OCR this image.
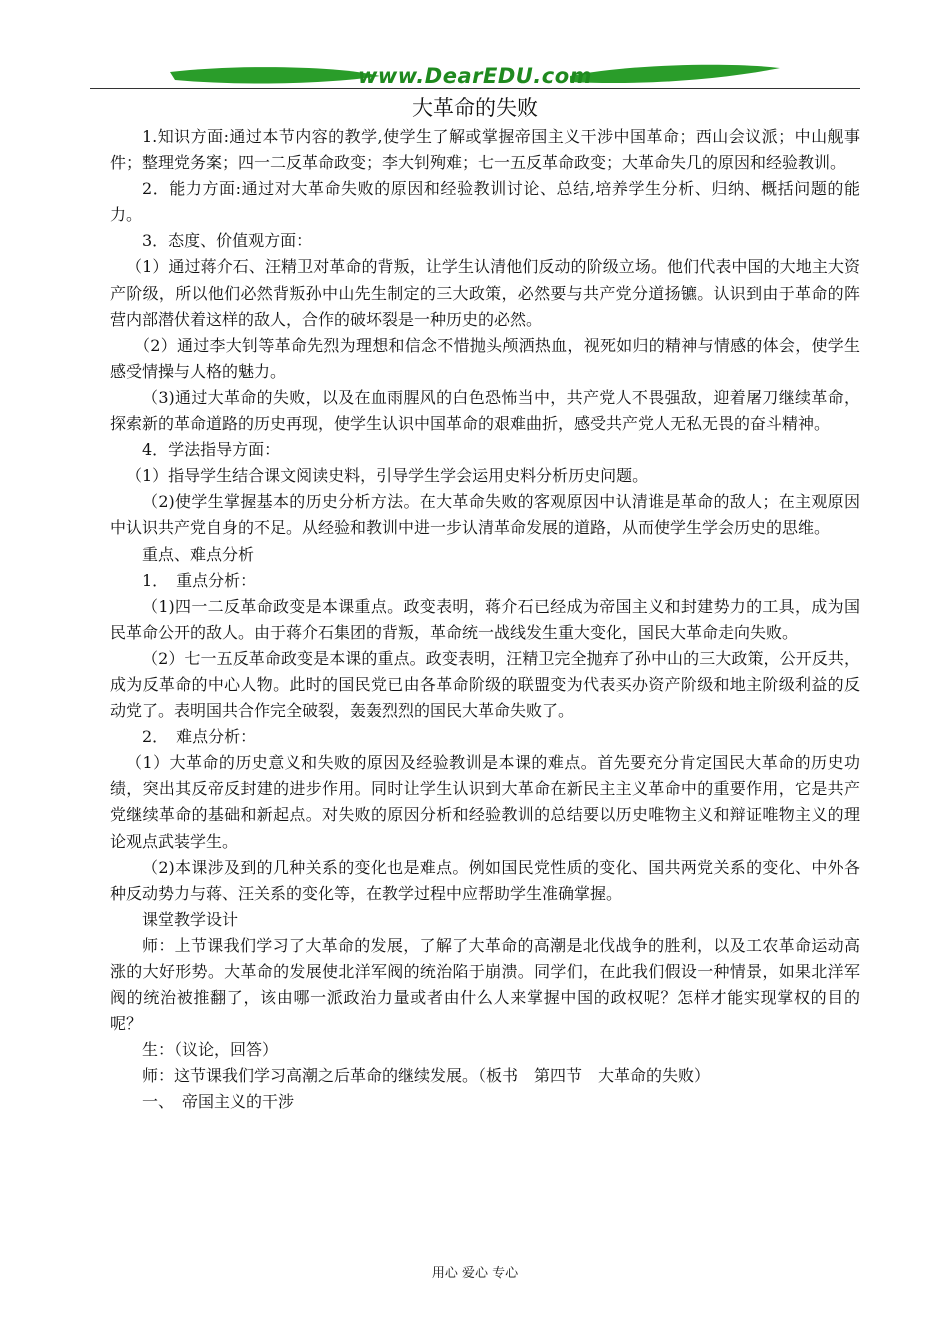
www.DearEDU.com
大革命的失败

1.知识方面:通过本节内容的教学,使学生了解或掌握帝国主义干涉中国革命；西山会议派；中山舰事件；整理党务案；四一二反革命政变；李大钊殉难；七一五反革命政变；大革命失几的原因和经验教训。

2．能力方面:通过对大革命失败的原因和经验教训讨论、总结,培养学生分析、归纳、概括问题的能力。

3．态度、价值观方面：

（1）通过蒋介石、汪精卫对革命的背叛，让学生认清他们反动的阶级立场。他们代表中国的大地主大资产阶级，所以他们必然背叛孙中山先生制定的三大政策，必然要与共产党分道扬镳。认识到由于革命的阵营内部潜伏着这样的敌人，合作的破坏裂是一种历史的必然。

（2）通过李大钊等革命先烈为理想和信念不惜抛头颅洒热血，视死如归的精神与情感的体会，使学生感受情操与人格的魅力。

（3)通过大革命的失败，以及在血雨腥风的白色恐怖当中，共产党人不畏强敌，迎着屠刀继续革命，探索新的革命道路的历史再现，使学生认识中国革命的艰难曲折，感受共产党人无私无畏的奋斗精神。

4．学法指导方面：

（1）指导学生结合课文阅读史料，引导学生学会运用史料分析历史问题。

（2)使学生掌握基本的历史分析方法。在大革命失败的客观原因中认清谁是革命的敌人；在主观原因中认识共产党自身的不足。从经验和教训中进一步认清革命发展的道路，从而使学生学会历史的思维。

重点、难点分析

1．　重点分析：

（1)四一二反革命政变是本课重点。政变表明，蒋介石已经成为帝国主义和封建势力的工具，成为国民革命公开的敌人。由于蒋介石集团的背叛，革命统一战线发生重大变化，国民大革命走向失败。

（2）七一五反革命政变是本课的重点。政变表明，汪精卫完全抛弃了孙中山的三大政策，公开反共，成为反革命的中心人物。此时的国民党已由各革命阶级的联盟变为代表买办资产阶级和地主阶级利益的反动党了。表明国共合作完全破裂，轰轰烈烈的国民大革命失败了。

2．　难点分析：

（1）大革命的历史意义和失败的原因及经验教训是本课的难点。首先要充分肯定国民大革命的历史功绩，突出其反帝反封建的进步作用。同时让学生认识到大革命在新民主主义革命中的重要作用，它是共产党继续革命的基础和新起点。对失败的原因分析和经验教训的总结要以历史唯物主义和辩证唯物主义的理论观点武装学生。

（2)本课涉及到的几种关系的变化也是难点。例如国民党性质的变化、国共两党关系的变化、中外各种反动势力与蒋、汪关系的变化等，在教学过程中应帮助学生准确掌握。

课堂教学设计

师：上节课我们学习了大革命的发展，了解了大革命的高潮是北伐战争的胜利，以及工农革命运动高涨的大好形势。大革命的发展使北洋军阀的统治陷于崩溃。同学们，在此我们假设一种情景，如果北洋军阀的统治被推翻了，该由哪一派政治力量或者由什么人来掌握中国的政权呢？怎样才能实现掌权的目的呢？

生：（议论，回答）

师：这节课我们学习高潮之后革命的继续发展。（板书　第四节　大革命的失败）

一、　帝国主义的干涉

用心 爱心 专心
